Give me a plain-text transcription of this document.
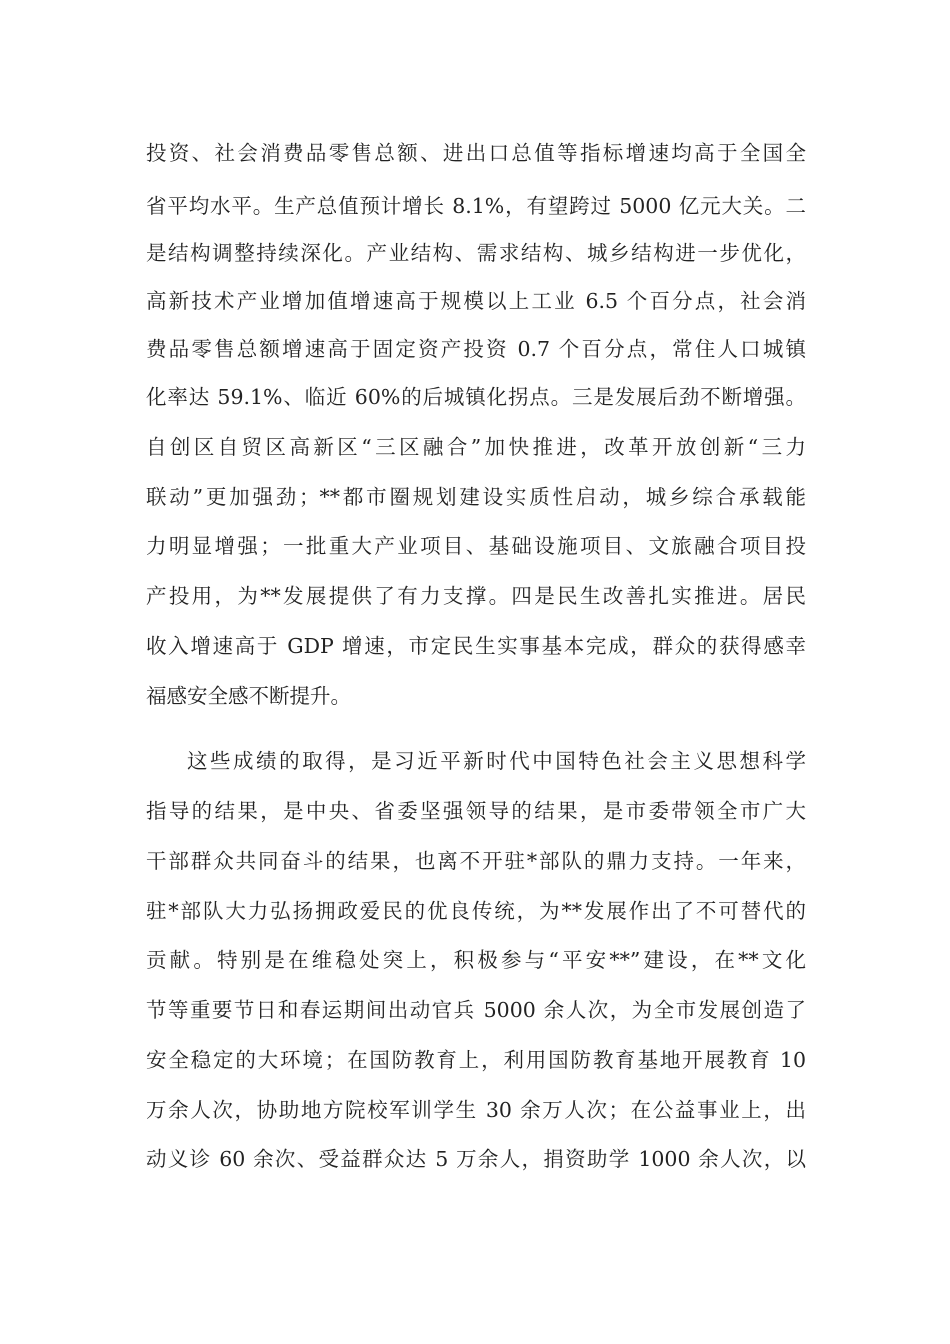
投资、社会消费品零售总额、进出口总值等指标增速均高于全国全
省平均水平。生产总值预计增长 8.1%，有望跨过 5000 亿元大关。二
是结构调整持续深化。产业结构、需求结构、城乡结构进一步优化，
高新技术产业增加值增速高于规模以上工业 6.5 个百分点，社会消
费品零售总额增速高于固定资产投资 0.7 个百分点，常住人口城镇
化率达 59.1%、临近 60%的后城镇化拐点。三是发展后劲不断增强。
自创区自贸区高新区“三区融合”加快推进，改革开放创新“三力
联动”更加强劲；**都市圈规划建设实质性启动，城乡综合承载能
力明显增强；一批重大产业项目、基础设施项目、文旅融合项目投
产投用，为**发展提供了有力支撑。四是民生改善扎实推进。居民
收入增速高于 GDP 增速，市定民生实事基本完成，群众的获得感幸
福感安全感不断提升。
这些成绩的取得，是习近平新时代中国特色社会主义思想科学
指导的结果，是中央、省委坚强领导的结果，是市委带领全市广大
干部群众共同奋斗的结果，也离不开驻*部队的鼎力支持。一年来，
驻*部队大力弘扬拥政爱民的优良传统，为**发展作出了不可替代的
贡献。特别是在维稳处突上，积极参与“平安**”建设，在**文化
节等重要节日和春运期间出动官兵 5000 余人次，为全市发展创造了
安全稳定的大环境；在国防教育上，利用国防教育基地开展教育 10
万余人次，协助地方院校军训学生 30 余万人次；在公益事业上，出
动义诊 60 余次、受益群众达 5 万余人，捐资助学 1000 余人次，以
